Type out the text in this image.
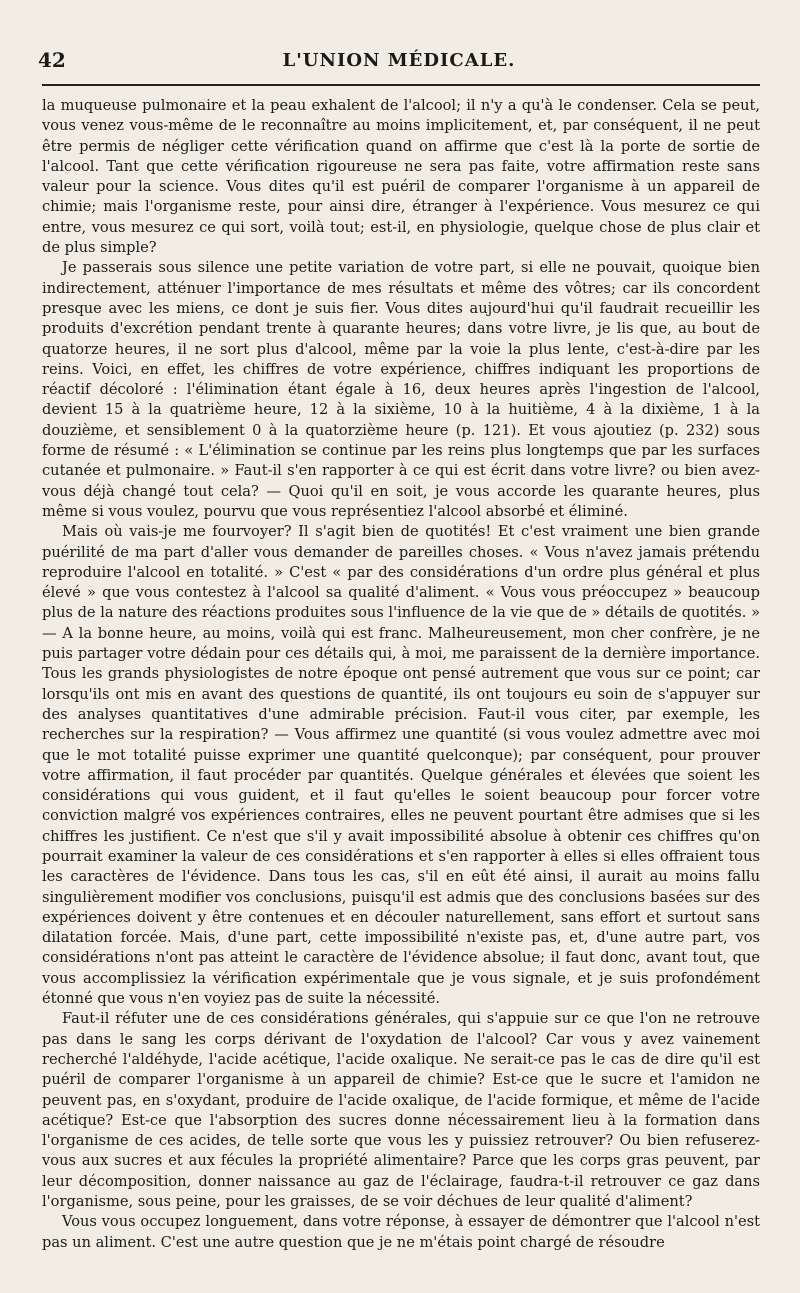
42	L'UNION MÉDICALE.

la muqueuse pulmonaire et la peau exhalent de l'alcool; il n'y a qu'à le condenser. Cela se peut, vous venez vous-même de le reconnaître au moins implicitement, et, par conséquent, il ne peut être permis de négliger cette vérification quand on affirme que c'est là la porte de sortie de l'alcool. Tant que cette vérification rigoureuse ne sera pas faite, votre affirmation reste sans valeur pour la science. Vous dites qu'il est puéril de comparer l'organisme à un appareil de chimie; mais l'organisme reste, pour ainsi dire, étranger à l'expérience. Vous mesurez ce qui entre, vous mesurez ce qui sort, voilà tout; est-il, en physiologie, quelque chose de plus clair et de plus simple?

Je passerais sous silence une petite variation de votre part, si elle ne pouvait, quoique bien indirectement, atténuer l'importance de mes résultats et même des vôtres; car ils concordent presque avec les miens, ce dont je suis fier. Vous dites aujourd'hui qu'il faudrait recueillir les produits d'excrétion pendant trente à quarante heures; dans votre livre, je lis que, au bout de quatorze heures, il ne sort plus d'alcool, même par la voie la plus lente, c'est-à-dire par les reins. Voici, en effet, les chiffres de votre expérience, chiffres indiquant les proportions de réactif décoloré : l'élimination étant égale à 16, deux heures après l'ingestion de l'alcool, devient 15 à la quatrième heure, 12 à la sixième, 10 à la huitième, 4 à la dixième, 1 à la douzième, et sensiblement 0 à la quatorzième heure (p. 121). Et vous ajoutiez (p. 232) sous forme de résumé : « L'élimination se continue par les reins plus longtemps que par les surfaces cutanée et pulmonaire. » Faut-il s'en rapporter à ce qui est écrit dans votre livre? ou bien avez-vous déjà changé tout cela? — Quoi qu'il en soit, je vous accorde les quarante heures, plus même si vous voulez, pourvu que vous représentiez l'alcool absorbé et éliminé.

Mais où vais-je me fourvoyer? Il s'agit bien de quotités! Et c'est vraiment une bien grande puérilité de ma part d'aller vous demander de pareilles choses. « Vous n'avez jamais prétendu reproduire l'alcool en totalité. » C'est « par des considérations d'un ordre plus général et plus élevé » que vous contestez à l'alcool sa qualité d'aliment. « Vous vous préoccupez » beaucoup plus de la nature des réactions produites sous l'influence de la vie que de » détails de quotités. » — A la bonne heure, au moins, voilà qui est franc. Malheureusement, mon cher confrère, je ne puis partager votre dédain pour ces détails qui, à moi, me paraissent de la dernière importance. Tous les grands physiologistes de notre époque ont pensé autrement que vous sur ce point; car lorsqu'ils ont mis en avant des questions de quantité, ils ont toujours eu soin de s'appuyer sur des analyses quantitatives d'une admirable précision. Faut-il vous citer, par exemple, les recherches sur la respiration? — Vous affirmez une quantité (si vous voulez admettre avec moi que le mot totalité puisse exprimer une quantité quelconque); par conséquent, pour prouver votre affirmation, il faut procéder par quantités. Quelque générales et élevées que soient les considérations qui vous guident, et il faut qu'elles le soient beaucoup pour forcer votre conviction malgré vos expériences contraires, elles ne peuvent pourtant être admises que si les chiffres les justifient. Ce n'est que s'il y avait impossibilité absolue à obtenir ces chiffres qu'on pourrait examiner la valeur de ces considérations et s'en rapporter à elles si elles offraient tous les caractères de l'évidence. Dans tous les cas, s'il en eût été ainsi, il aurait au moins fallu singulièrement modifier vos conclusions, puisqu'il est admis que des conclusions basées sur des expériences doivent y être contenues et en découler naturellement, sans effort et surtout sans dilatation forcée. Mais, d'une part, cette impossibilité n'existe pas, et, d'une autre part, vos considérations n'ont pas atteint le caractère de l'évidence absolue; il faut donc, avant tout, que vous accomplissiez la vérification expérimentale que je vous signale, et je suis profondément étonné que vous n'en voyiez pas de suite la nécessité.

Faut-il réfuter une de ces considérations générales, qui s'appuie sur ce que l'on ne retrouve pas dans le sang les corps dérivant de l'oxydation de l'alcool? Car vous y avez vainement recherché l'aldéhyde, l'acide acétique, l'acide oxalique. Ne serait-ce pas le cas de dire qu'il est puéril de comparer l'organisme à un appareil de chimie? Est-ce que le sucre et l'amidon ne peuvent pas, en s'oxydant, produire de l'acide oxalique, de l'acide formique, et même de l'acide acétique? Est-ce que l'absorption des sucres donne nécessairement lieu à la formation dans l'organisme de ces acides, de telle sorte que vous les y puissiez retrouver? Ou bien refuserez-vous aux sucres et aux fécules la propriété alimentaire? Parce que les corps gras peuvent, par leur décomposition, donner naissance au gaz de l'éclairage, faudra-t-il retrouver ce gaz dans l'organisme, sous peine, pour les graisses, de se voir déchues de leur qualité d'aliment?

Vous vous occupez longuement, dans votre réponse, à essayer de démontrer que l'alcool n'est pas un aliment. C'est une autre question que je ne m'étais point chargé de résoudre
